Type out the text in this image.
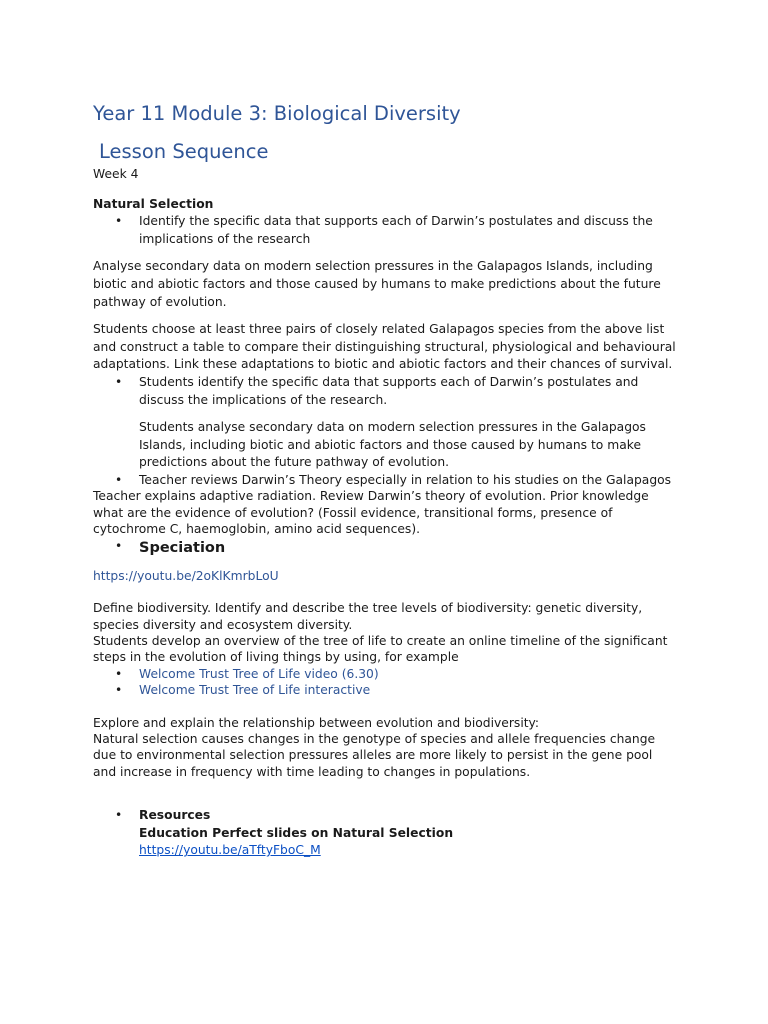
Year 11 Module 3: Biological Diversity
Lesson Sequence

Week 4

Natural Selection

• Identify the specific data that supports each of Darwin’s postulates and discuss the implications of the research

Analyse secondary data on modern selection pressures in the Galapagos Islands, including biotic and abiotic factors and those caused by humans to make predictions about the future pathway of evolution.

Students choose at least three pairs of closely related Galapagos species from the above list and construct a table to compare their distinguishing structural, physiological and behavioural adaptations. Link these adaptations to biotic and abiotic factors and their chances of survival.

• Students identify the specific data that supports each of Darwin’s postulates and discuss the implications of the research.

Students analyse secondary data on modern selection pressures in the Galapagos Islands, including biotic and abiotic factors and those caused by humans to make predictions about the future pathway of evolution.

• Teacher reviews Darwin’s Theory especially in relation to his studies on the Galapagos

Teacher explains adaptive radiation. Review Darwin’s theory of evolution. Prior knowledge what are the evidence of evolution? (Fossil evidence, transitional forms, presence of cytochrome C, haemoglobin, amino acid sequences).

• Speciation

https://youtu.be/2oKlKmrbLoU

Define biodiversity. Identify and describe the tree levels of biodiversity: genetic diversity, species diversity and ecosystem diversity.

Students develop an overview of the tree of life to create an online timeline of the significant steps in the evolution of living things by using, for example

• Welcome Trust Tree of Life video (6.30)
• Welcome Trust Tree of Life interactive

Explore and explain the relationship between evolution and biodiversity:

Natural selection causes changes in the genotype of species and allele frequencies change due to environmental selection pressures alleles are more likely to persist in the gene pool and increase in frequency with time leading to changes in populations.

• Resources
Education Perfect slides on Natural Selection
https://youtu.be/aTftyFboC_M
